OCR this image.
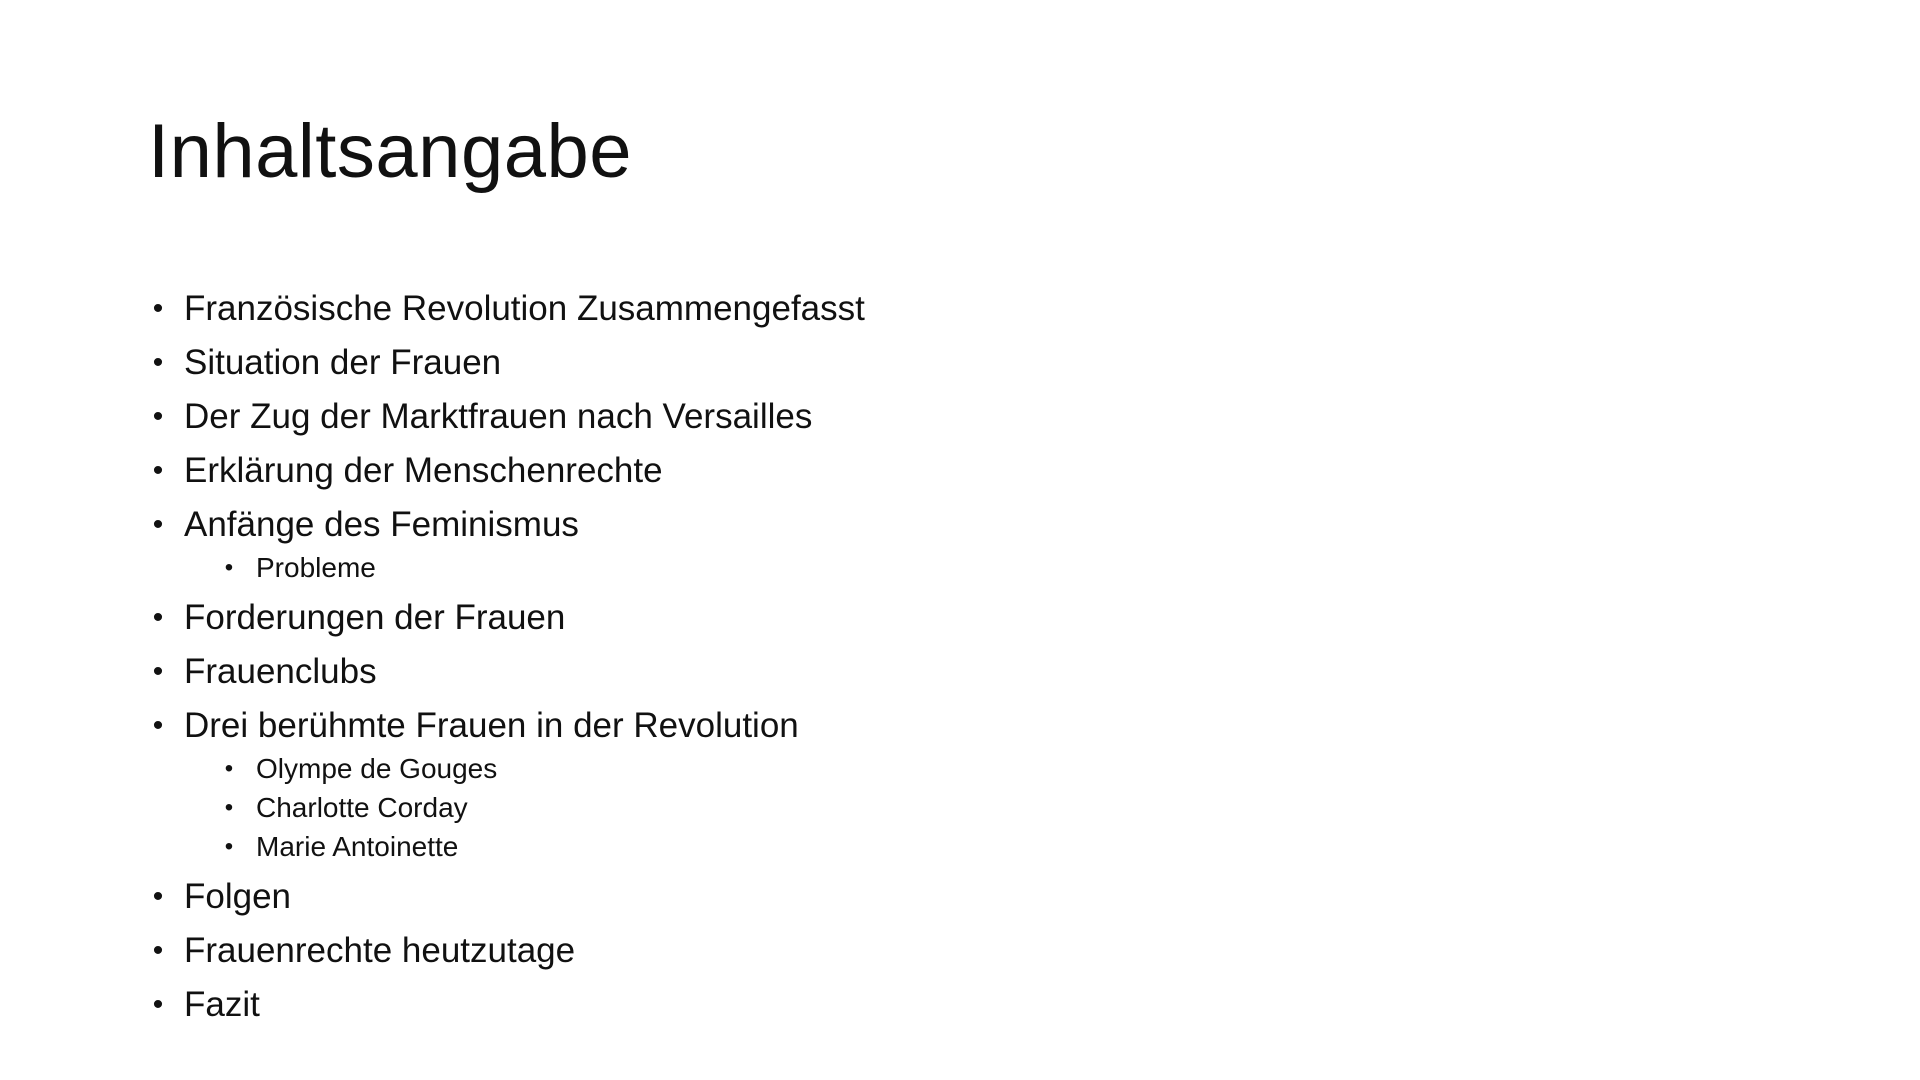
Inhaltsangabe
• Französische Revolution Zusammengefasst
• Situation der Frauen
• Der Zug der Marktfrauen nach Versailles
• Erklärung der Menschenrechte
• Anfänge des Feminismus
• Probleme
• Forderungen der Frauen
• Frauenclubs
• Drei berühmte Frauen in der Revolution
• Olympe de Gouges
• Charlotte Corday
• Marie Antoinette
• Folgen
• Frauenrechte heutzutage
• Fazit
